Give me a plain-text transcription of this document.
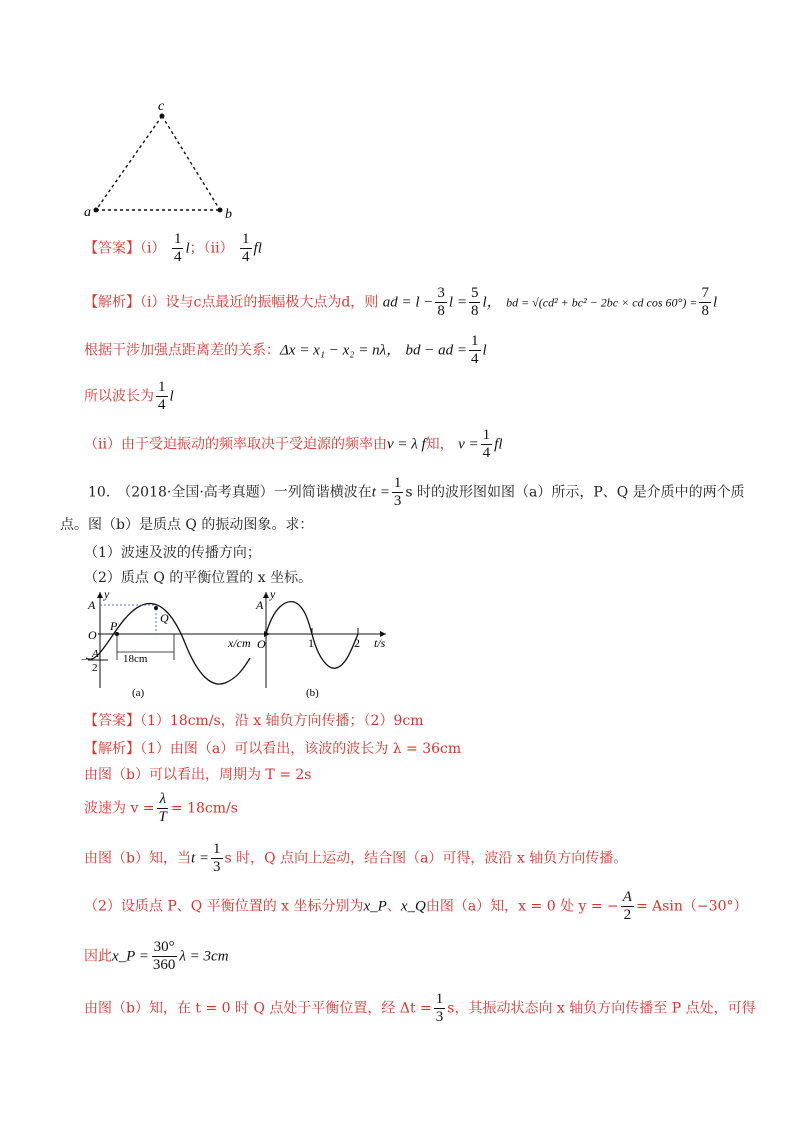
c
a	b
【答案】$(i) \frac{1}{4}$ l；$(ii) \frac{1}{4}$ fl
【解析】（i）设与c点最近的振幅极大点为d，则 ad = $l - \frac{3}{8}$ $l = \frac{5}{8}$ l， bd = √(cd² + bc² − 2bc × cd $\cos 60^\circ) = \frac{7}{8}$ l
根据干涉加强点距离差的关系：Δx = x₁ − x₂ = nλ， bd − ad = $\frac{1}{4}$ l
所以波长为 $\frac{1}{4}$ l
（ii）由于受迫振动的频率取决于受迫源的频率由v = λ f知， $v = \frac{1}{4}$ fl
10.　（2018·全国·高考真题）一列简谐横波在$t = \frac{1}{3}$ s 时的波形图如图（a）所示，P、Q 是介质中的两个质
点。图（b）是质点 Q 的振动图象。求：
（1）波速及波的传播方向；
（2）质点 Q 的平衡位置的 x 坐标。
y
A
Q
O
P
x/cm
− A
2
18cm
(a)
y
A
O	1	2 t/s
(b)
【答案】（1）18cm/s，沿 x 轴负方向传播；（2）9cm
【解析】（1）由图（a）可以看出，该波的波长为 λ = 36cm
由图（b）可以看出，周期为 T = 2s
波速为 $v = \frac{\lambda}{T} = 18cm/s$
由图（b）知，当$t = \frac{1}{3}$ s 时，Q 点向上运动，结合图（a）可得，波沿 x 轴负方向传播。
（2）设质点 P、Q 平衡位置的 x 坐标分别为x_P、x_Q由图（a）知，x = 0 处 y = − $\frac{A}{2} = Asin(-30^\circ)$
因此x_P = $\frac{30^\circ}{360}$ λ = 3cm
由图（b）知，在 t = 0 时 Q 点处于平衡位置，经 $\Delta t = \frac{1}{3}$ s，其振动状态向 x 轴负方向传播至 P 点处，可得
